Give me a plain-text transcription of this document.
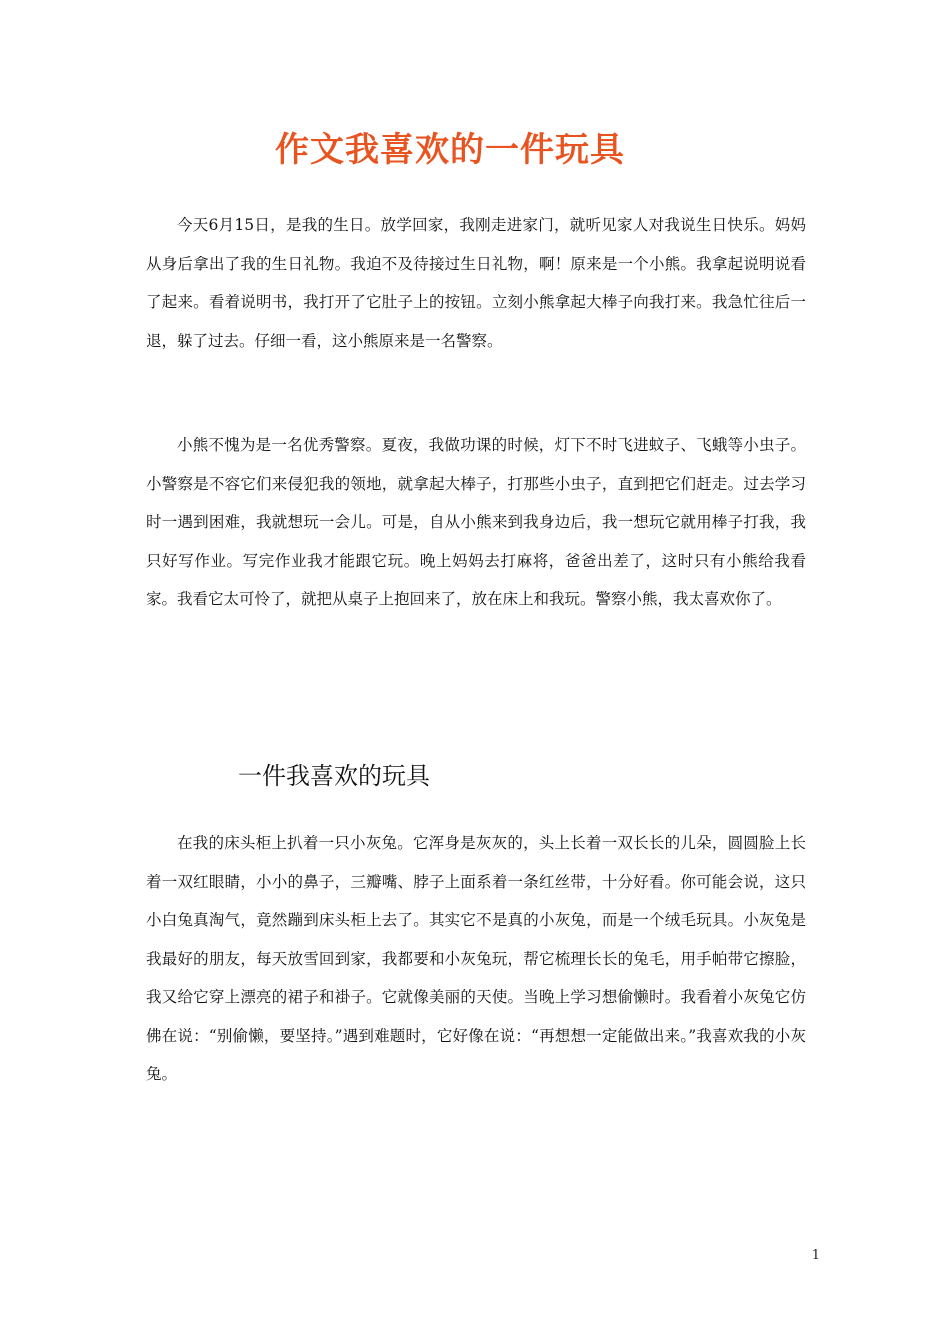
作文我喜欢的一件玩具

今天6月15日，是我的生日。放学回家，我刚走进家门，就听见家人对我说生日快乐。妈妈从身后拿出了我的生日礼物。我迫不及待接过生日礼物，啊！原来是一个小熊。我拿起说明说看了起来。看着说明书，我打开了它肚子上的按钮。立刻小熊拿起大棒子向我打来。我急忙往后一退，躲了过去。仔细一看，这小熊原来是一名警察。

小熊不愧为是一名优秀警察。夏夜，我做功课的时候，灯下不时飞进蚊子、飞蛾等小虫子。小警察是不容它们来侵犯我的领地，就拿起大棒子，打那些小虫子，直到把它们赶走。过去学习时一遇到困难，我就想玩一会儿。可是，自从小熊来到我身边后，我一想玩它就用棒子打我，我只好写作业。写完作业我才能跟它玩。晚上妈妈去打麻将，爸爸出差了，这时只有小熊给我看家。我看它太可怜了，就把从桌子上抱回来了，放在床上和我玩。警察小熊，我太喜欢你了。

一件我喜欢的玩具

在我的床头柜上扒着一只小灰兔。它浑身是灰灰的，头上长着一双长长的儿朵，圆圆脸上长着一双红眼睛，小小的鼻子，三瓣嘴、脖子上面系着一条红丝带，十分好看。你可能会说，这只小白兔真淘气，竟然蹦到床头柜上去了。其实它不是真的小灰兔，而是一个绒毛玩具。小灰兔是我最好的朋友，每天放雪回到家，我都要和小灰兔玩，帮它梳理长长的兔毛，用手帕带它擦脸，我又给它穿上漂亮的裙子和褂子。它就像美丽的天使。当晚上学习想偷懒时。我看着小灰兔它仿佛在说：“别偷懒，要坚持。”遇到难题时，它好像在说：“再想想一定能做出来。”我喜欢我的小灰兔。

1
